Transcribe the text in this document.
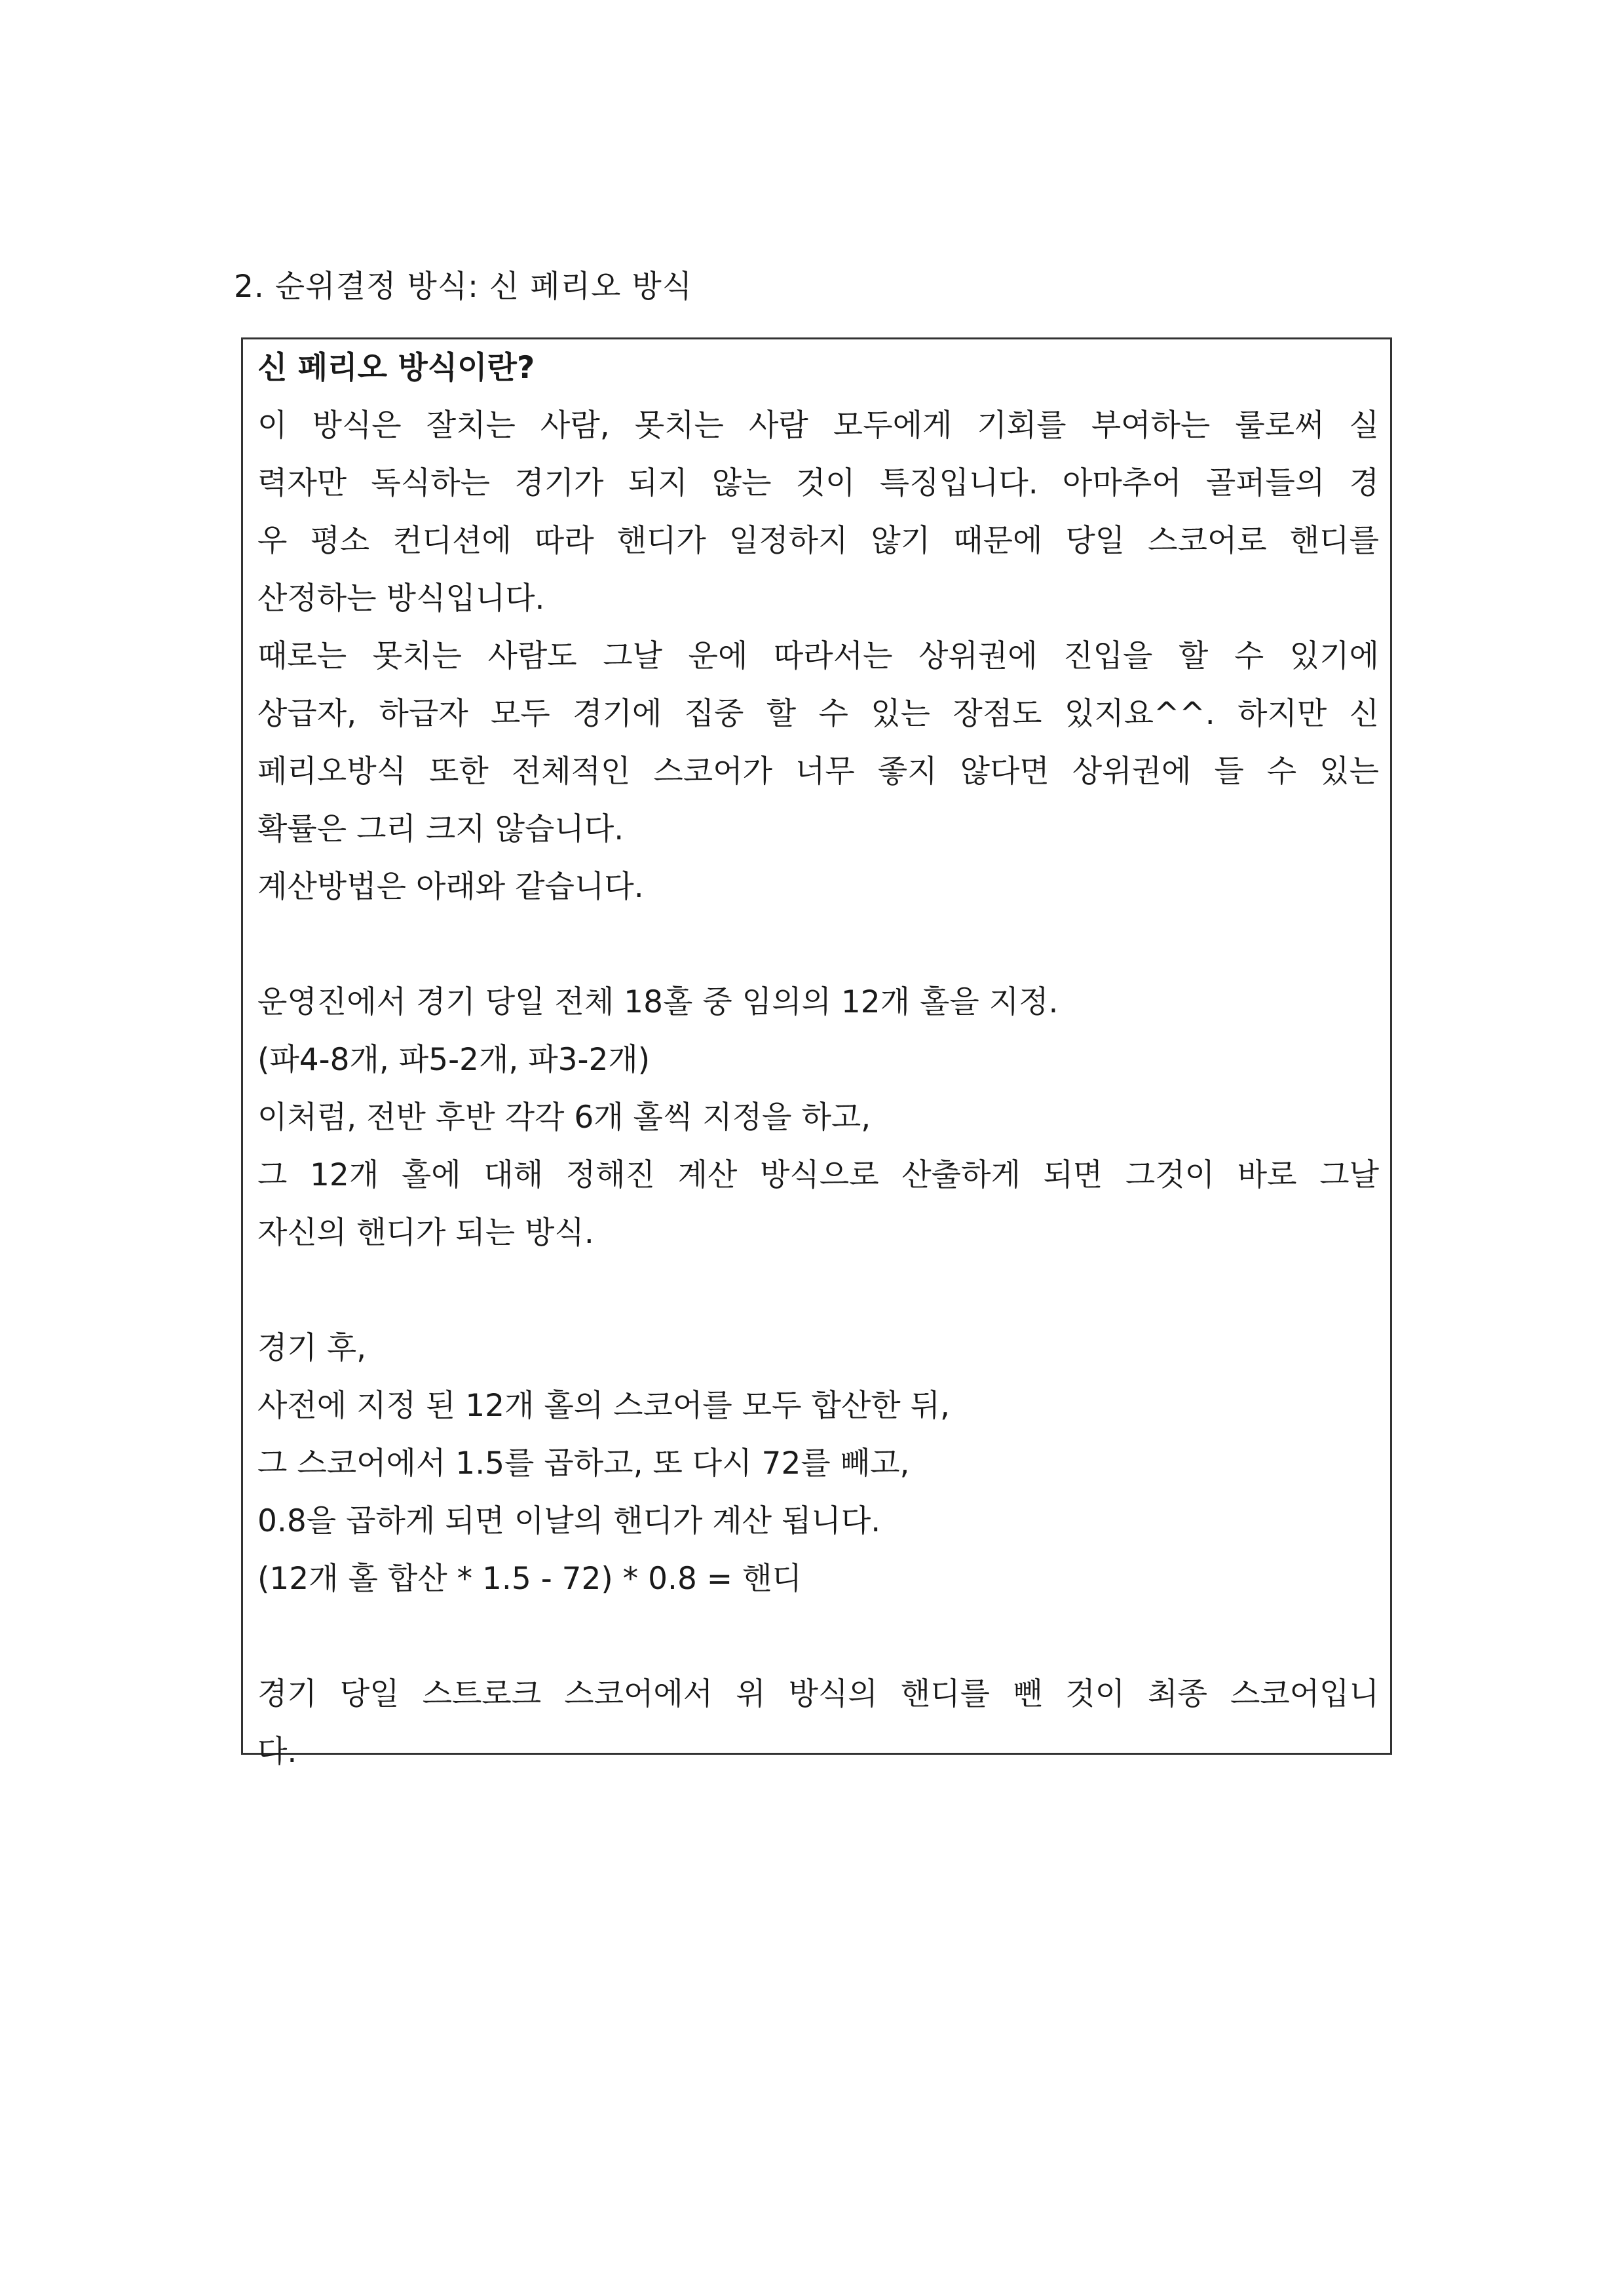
2. 순위결정 방식: 신 페리오 방식
신 페리오 방식이란?
이 방식은 잘치는 사람, 못치는 사람 모두에게 기회를 부여하는 룰로써 실
력자만 독식하는 경기가 되지 않는 것이 특징입니다. 아마추어 골퍼들의 경
우 평소 컨디션에 따라 핸디가 일정하지 않기 때문에 당일 스코어로 핸디를
산정하는 방식입니다.
때로는 못치는 사람도 그날 운에 따라서는 상위권에 진입을 할 수 있기에
상급자, 하급자 모두 경기에 집중 할 수 있는 장점도 있지요^^. 하지만 신
페리오방식 또한 전체적인 스코어가 너무 좋지 않다면 상위권에 들 수 있는
확률은 그리 크지 않습니다.
계산방법은 아래와 같습니다.
운영진에서 경기 당일 전체 18홀 중 임의의 12개 홀을 지정.
(파4-8개, 파5-2개, 파3-2개)
이처럼, 전반 후반 각각 6개 홀씩 지정을 하고,
그 12개 홀에 대해 정해진 계산 방식으로 산출하게 되면 그것이 바로 그날
자신의 핸디가 되는 방식.
경기 후,
사전에 지정 된 12개 홀의 스코어를 모두 합산한 뒤,
그 스코어에서 1.5를 곱하고, 또 다시 72를 빼고,
0.8을 곱하게 되면 이날의 핸디가 계산 됩니다.
(12개 홀 합산 * 1.5 - 72) * 0.8 = 핸디
경기 당일 스트로크 스코어에서 위 방식의 핸디를 뺀 것이 최종 스코어입니
다.
